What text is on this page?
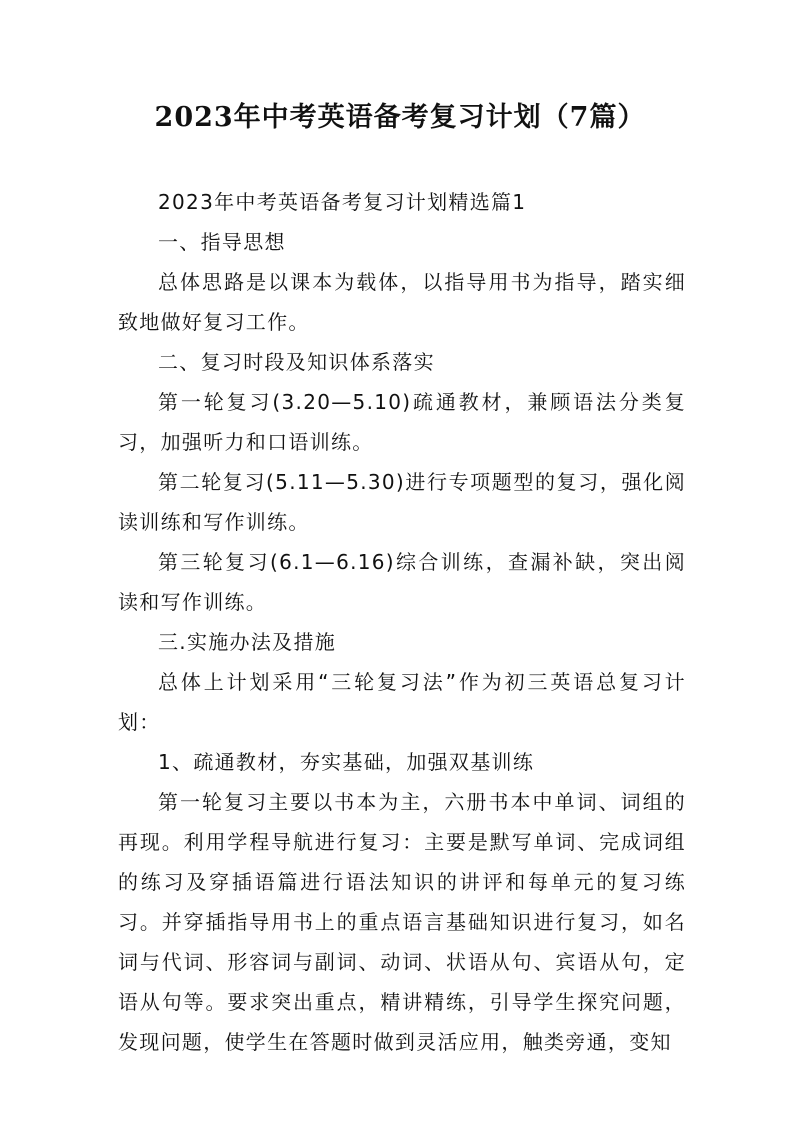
2023年中考英语备考复习计划（7篇）

2023年中考英语备考复习计划精选篇1

一、指导思想

总体思路是以课本为载体，以指导用书为指导，踏实细致地做好复习工作。

二、复习时段及知识体系落实

第一轮复习(3.20—5.10)疏通教材，兼顾语法分类复习，加强听力和口语训练。

第二轮复习(5.11—5.30)进行专项题型的复习，强化阅读训练和写作训练。

第三轮复习(6.1—6.16)综合训练，查漏补缺，突出阅读和写作训练。

三.实施办法及措施

总体上计划采用“三轮复习法”作为初三英语总复习计划：

1、疏通教材，夯实基础，加强双基训练

第一轮复习主要以书本为主，六册书本中单词、词组的再现。利用学程导航进行复习：主要是默写单词、完成词组的练习及穿插语篇进行语法知识的讲评和每单元的复习练习。并穿插指导用书上的重点语言基础知识进行复习，如名词与代词、形容词与副词、动词、状语从句、宾语从句，定语从句等。要求突出重点，精讲精练，引导学生探究问题，发现问题，使学生在答题时做到灵活应用，触类旁通，变知
